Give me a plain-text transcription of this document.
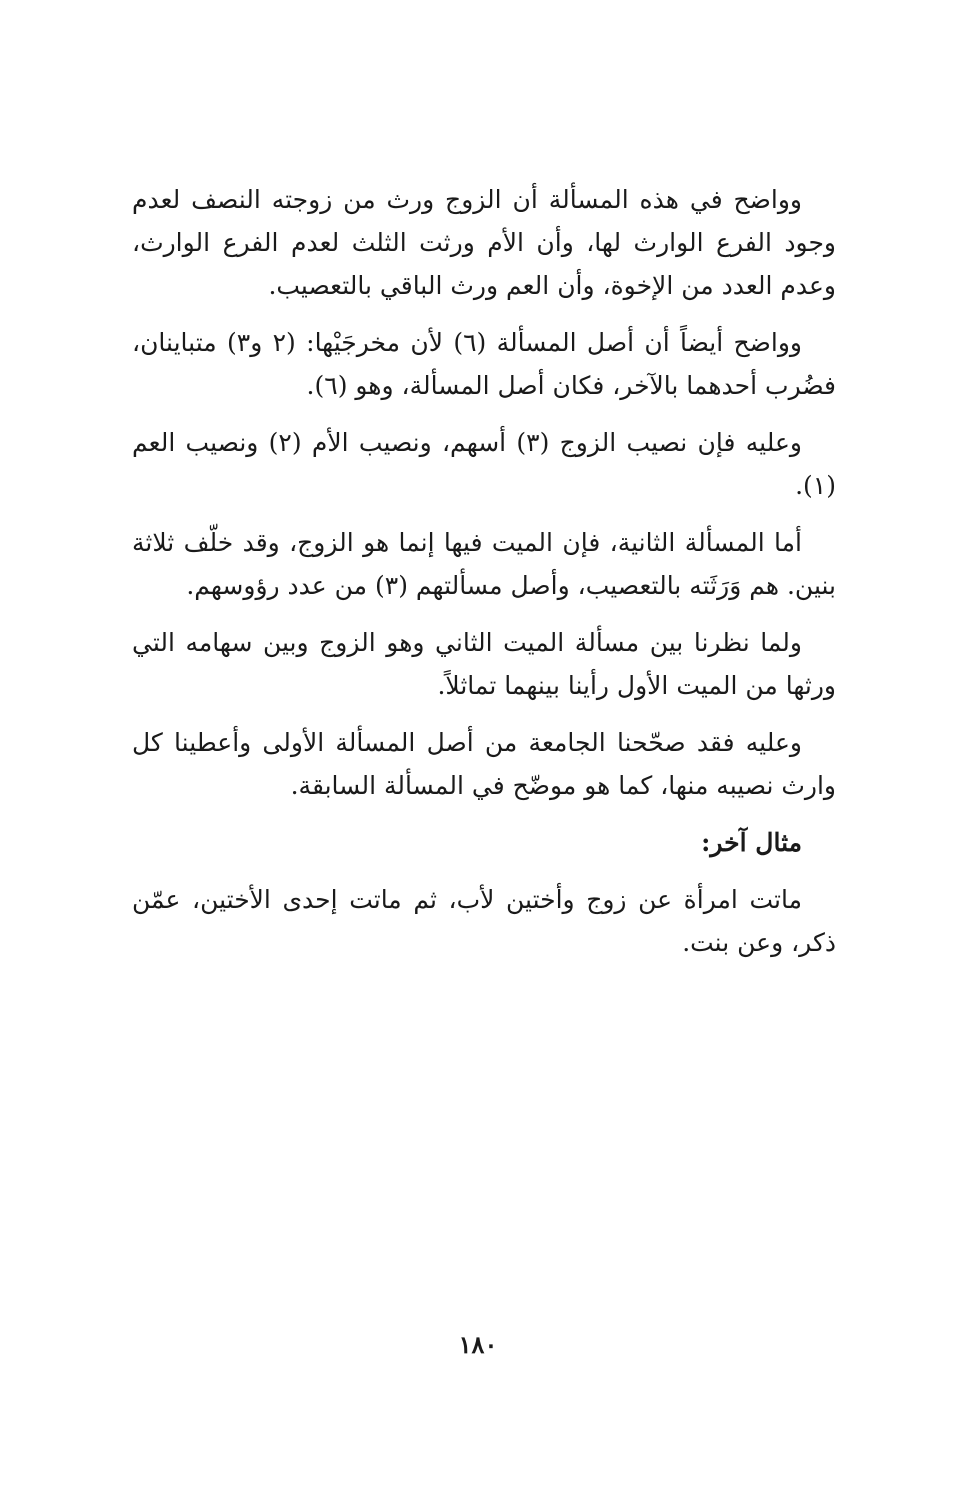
وواضح في هذه المسألة أن الزوج ورث من زوجته النصف لعدم وجود الفرع الوارث لها، وأن الأم ورثت الثلث لعدم الفرع الوارث، وعدم العدد من الإخوة، وأن العم ورث الباقي بالتعصيب.

وواضح أيضاً أن أصل المسألة (٦) لأن مخرجَيْها: (٢ و٣) متباينان، فضُرب أحدهما بالآخر، فكان أصل المسألة، وهو (٦).

وعليه فإن نصيب الزوج (٣) أسهم، ونصيب الأم (٢) ونصيب العم (١).

أما المسألة الثانية، فإن الميت فيها إنما هو الزوج، وقد خلّف ثلاثة بنين. هم وَرَثَته بالتعصيب، وأصل مسألتهم (٣) من عدد رؤوسهم.

ولما نظرنا بين مسألة الميت الثاني وهو الزوج وبين سهامه التي ورثها من الميت الأول رأينا بينهما تماثلاً.

وعليه فقد صحّحنا الجامعة من أصل المسألة الأولى وأعطينا كل وارث نصيبه منها، كما هو موضّح في المسألة السابقة.

مثال آخر:

ماتت امرأة عن زوج وأختين لأب، ثم ماتت إحدى الأختين، عمّن ذكر، وعن بنت.

١٨٠
